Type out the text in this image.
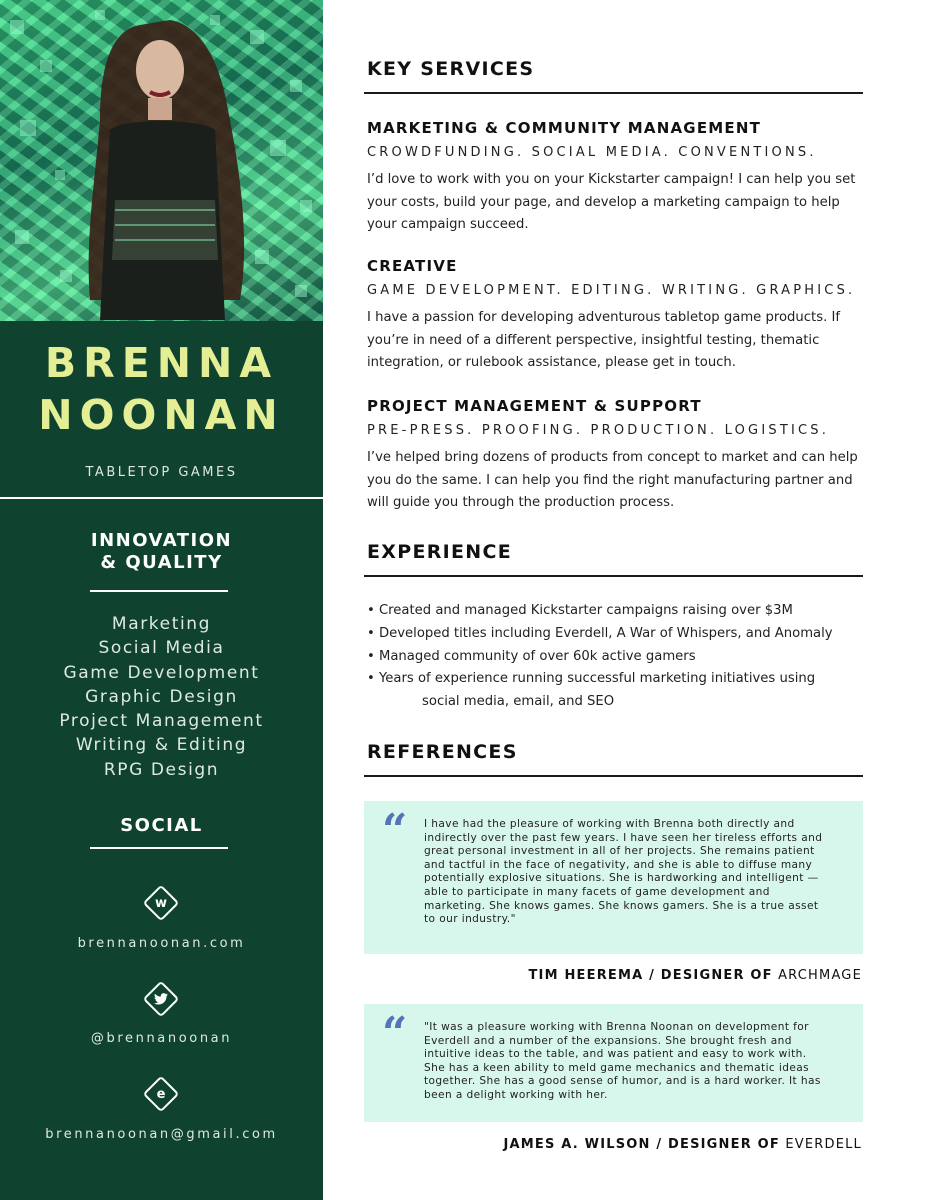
BRENNA
NOONAN
TABLETOP GAMES
INNOVATION
& QUALITY
Marketing
Social Media
Game Development
Graphic Design
Project Management
Writing & Editing
RPG Design
SOCIAL
w
brennanoonan.com
@brennanoonan
e
brennanoonan@gmail.com
KEY SERVICES
MARKETING & COMMUNITY MANAGEMENT
CROWDFUNDING. SOCIAL MEDIA. CONVENTIONS.
I’d love to work with you on your Kickstarter campaign! I can help you set your costs, build your page, and develop a marketing campaign to help your campaign succeed.
CREATIVE
GAME DEVELOPMENT. EDITING. WRITING. GRAPHICS.
I have a passion for developing adventurous tabletop game products. If you’re in need of a different perspective, insightful testing, thematic integration, or rulebook assistance, please get in touch.
PROJECT MANAGEMENT & SUPPORT
PRE-PRESS. PROOFING. PRODUCTION. LOGISTICS.
I’ve helped bring dozens of products from concept to market and can help you do the same. I can help you find the right manufacturing partner and will guide you through the production process.
EXPERIENCE
• Created and managed Kickstarter campaigns raising over $3M
• Developed titles including Everdell, A War of Whispers, and Anomaly
• Managed community of over 60k active gamers
• Years of experience running successful marketing initiatives using
social media, email, and SEO
REFERENCES
“ I have had the pleasure of working with Brenna both directly and indirectly over the past few years. I have seen her tireless efforts and great personal investment in all of her projects. She remains patient and tactful in the face of negativity, and she is able to diffuse many potentially explosive situations. She is hardworking and intelligent — able to participate in many facets of game development and marketing. She knows games. She knows gamers. She is a true asset to our industry."
TIM HEEREMA / DESIGNER OF ARCHMAGE
“ "It was a pleasure working with Brenna Noonan on development for Everdell and a number of the expansions. She brought fresh and intuitive ideas to the table, and was patient and easy to work with. She has a keen ability to meld game mechanics and thematic ideas together. She has a good sense of humor, and is a hard worker. It has been a delight working with her.
JAMES A. WILSON / DESIGNER OF EVERDELL
